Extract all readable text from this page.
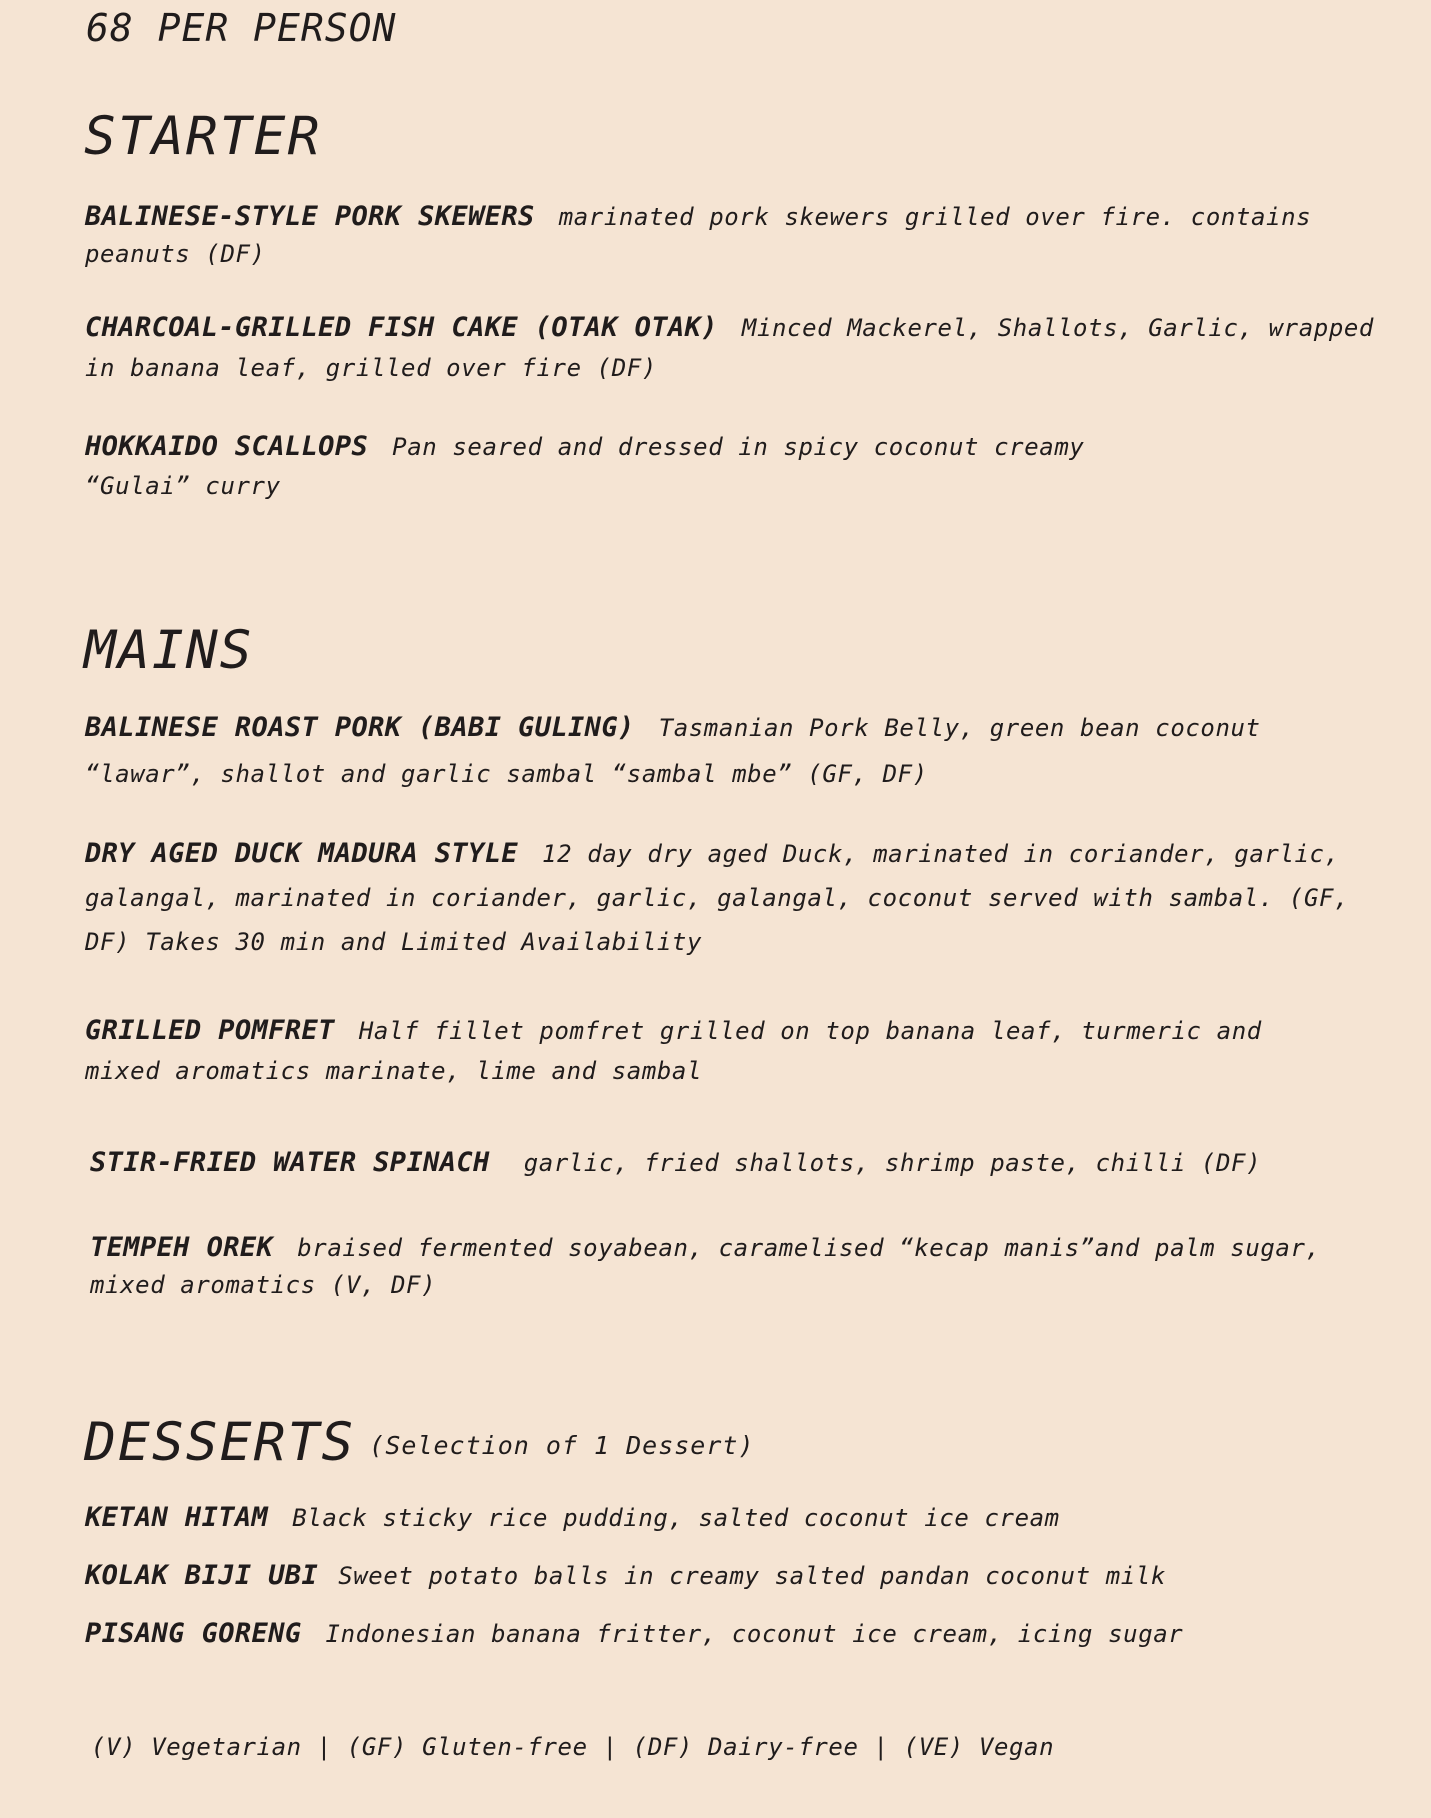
68 PER PERSON
STARTER

BALINESE-STYLE PORK SKEWERS marinated pork skewers grilled over fire. contains peanuts (DF)

CHARCOAL-GRILLED FISH CAKE (OTAK OTAK) Minced Mackerel, Shallots, Garlic, wrapped in banana leaf, grilled over fire (DF)

HOKKAIDO SCALLOPS Pan seared and dressed in spicy coconut creamy “Gulai” curry

MAINS

BALINESE ROAST PORK (BABI GULING) Tasmanian Pork Belly, green bean coconut “lawar”, shallot and garlic sambal “sambal mbe” (GF, DF)

DRY AGED DUCK MADURA STYLE 12 day dry aged Duck, marinated in coriander, garlic, galangal, marinated in coriander, garlic, galangal, coconut served with sambal. (GF, DF) Takes 30 min and Limited Availability

GRILLED POMFRET Half fillet pomfret grilled on top banana leaf, turmeric and mixed aromatics marinate, lime and sambal

STIR-FRIED WATER SPINACH garlic, fried shallots, shrimp paste, chilli (DF)

TEMPEH OREK braised fermented soyabean, caramelised “kecap manis”and palm sugar, mixed aromatics (V, DF)

DESSERTS (Selection of 1 Dessert)

KETAN HITAM Black sticky rice pudding, salted coconut ice cream

KOLAK BIJI UBI Sweet potato balls in creamy salted pandan coconut milk

PISANG GORENG Indonesian banana fritter, coconut ice cream, icing sugar

(V) Vegetarian | (GF) Gluten-free | (DF) Dairy-free | (VE) Vegan
